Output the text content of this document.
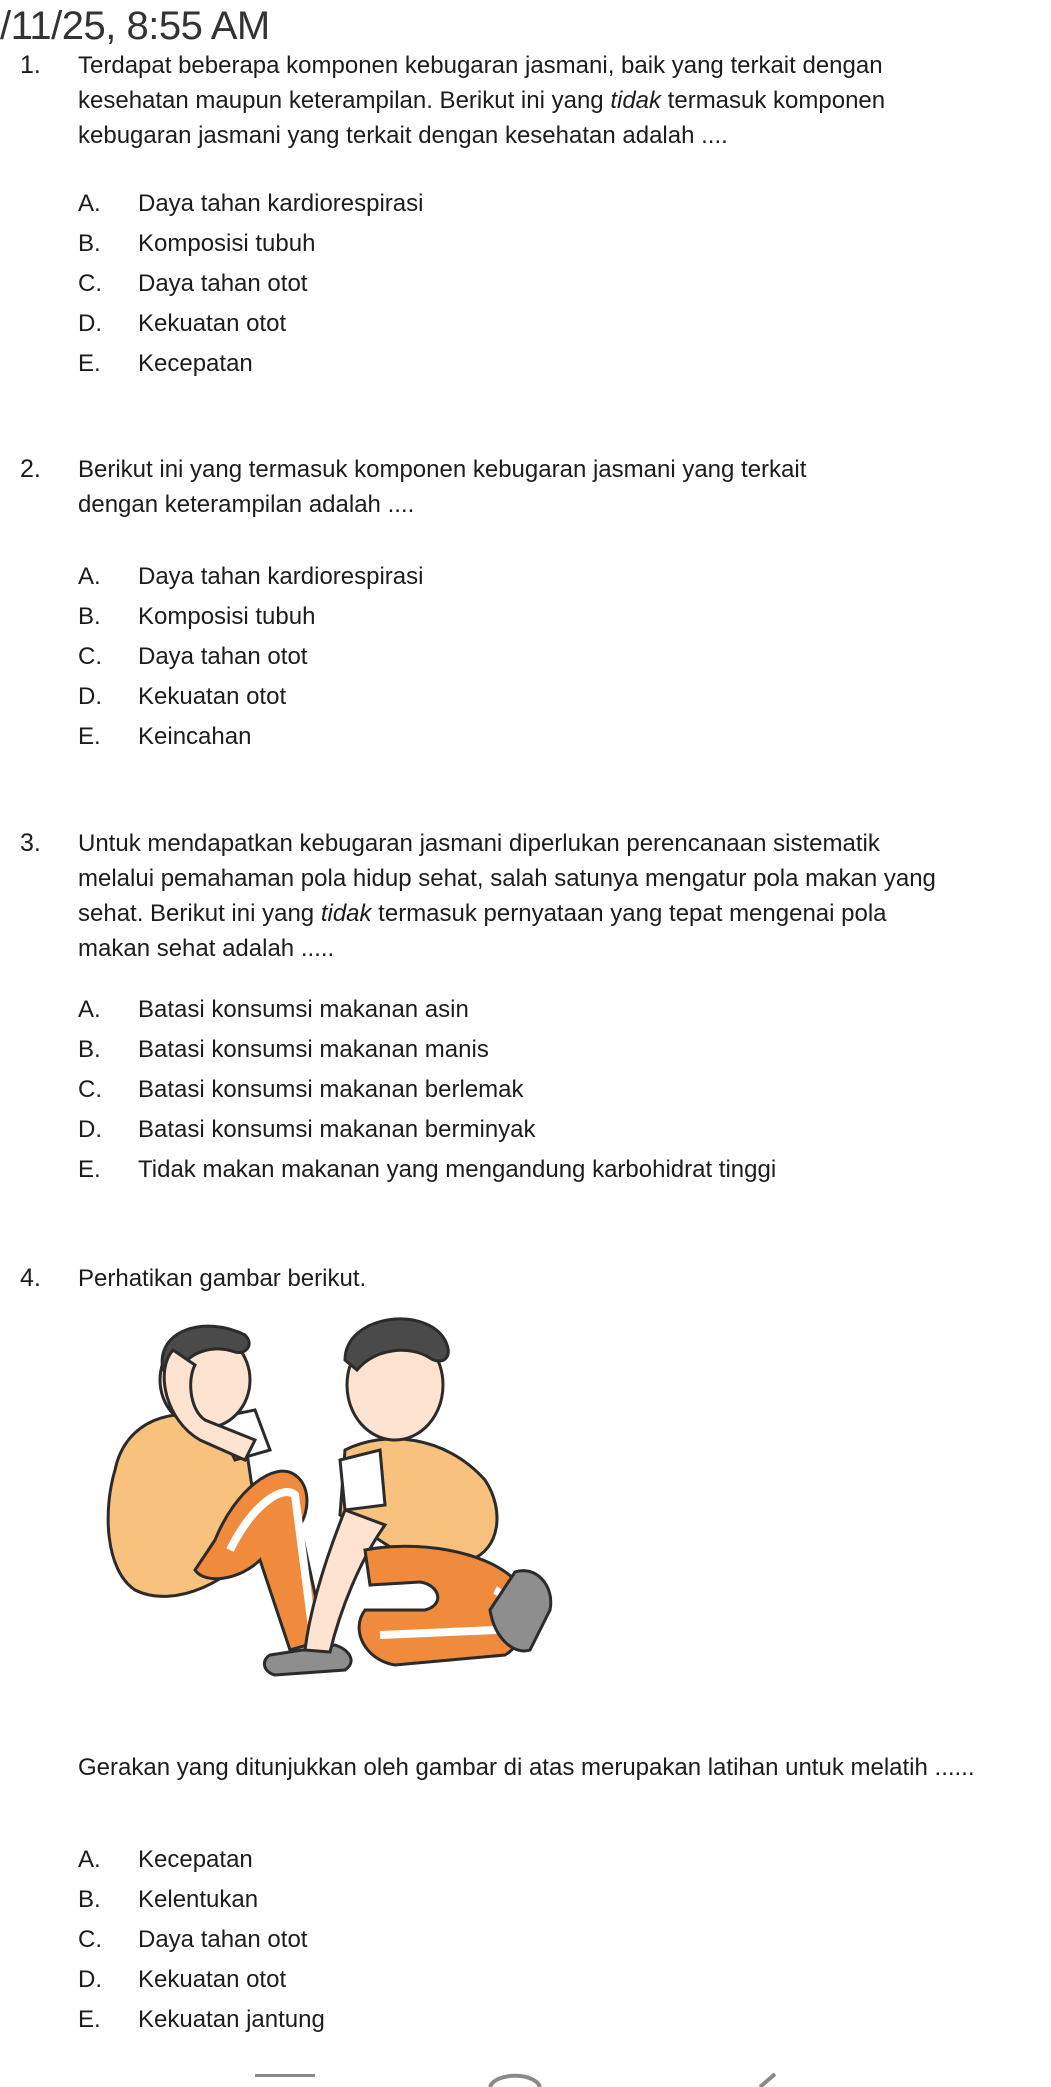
/11/25, 8:55 AM
1. Terdapat beberapa komponen kebugaran jasmani, baik yang terkait dengan
kesehatan maupun keterampilan. Berikut ini yang tidak termasuk komponen
kebugaran jasmani yang terkait dengan kesehatan adalah ....
A. Daya tahan kardiorespirasi
B. Komposisi tubuh
C. Daya tahan otot
D. Kekuatan otot
E. Kecepatan
2. Berikut ini yang termasuk komponen kebugaran jasmani yang terkait
dengan keterampilan adalah ....
A. Daya tahan kardiorespirasi
B. Komposisi tubuh
C. Daya tahan otot
D. Kekuatan otot
E. Keincahan
3. Untuk mendapatkan kebugaran jasmani diperlukan perencanaan sistematik
melalui pemahaman pola hidup sehat, salah satunya mengatur pola makan yang
sehat. Berikut ini yang tidak termasuk pernyataan yang tepat mengenai pola
makan sehat adalah .....
A. Batasi konsumsi makanan asin
B. Batasi konsumsi makanan manis
C. Batasi konsumsi makanan berlemak
D. Batasi konsumsi makanan berminyak
E. Tidak makan makanan yang mengandung karbohidrat tinggi
4. Perhatikan gambar berikut.
Gerakan yang ditunjukkan oleh gambar di atas merupakan latihan untuk melatih ......
A. Kecepatan
B. Kelentukan
C. Daya tahan otot
D. Kekuatan otot
E. Kekuatan jantung
